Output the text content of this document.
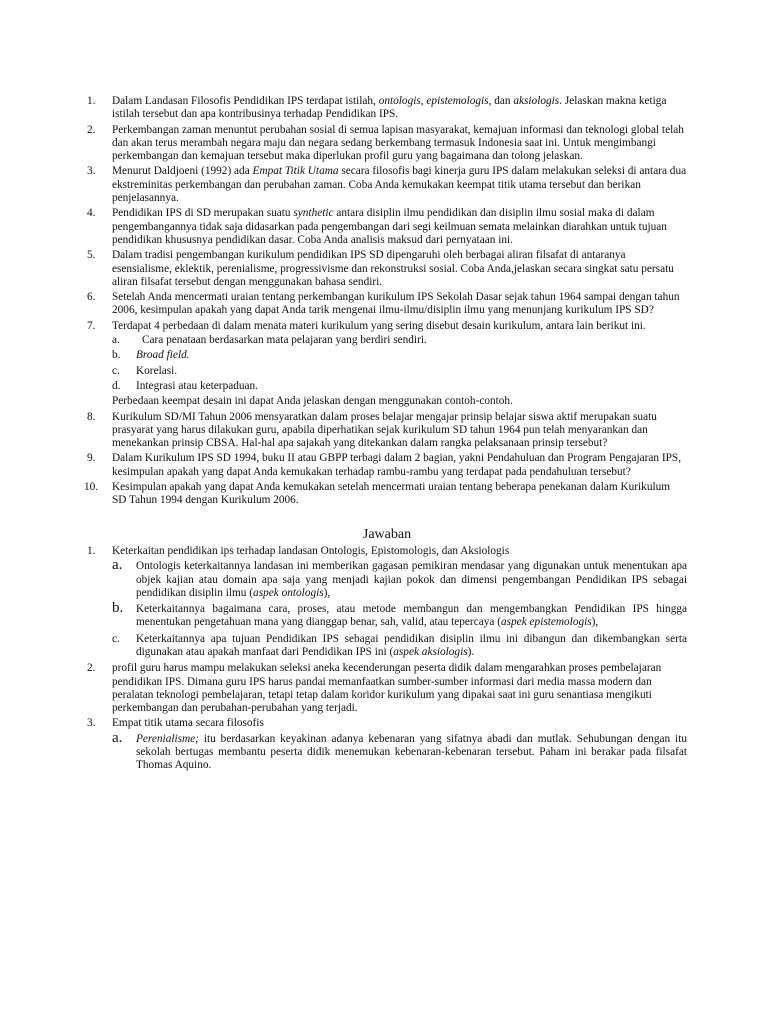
1. Dalam Landasan Filosofis Pendidikan IPS terdapat istilah, ontologis, epistemologis, dan aksiologis. Jelaskan makna ketiga istilah tersebut dan apa kontribusinya terhadap Pendidikan IPS.
2. Perkembangan zaman menuntut perubahan sosial di semua lapisan masyarakat, kemajuan informasi dan teknologi global telah dan akan terus merambah negara maju dan negara sedang berkembang termasuk Indonesia saat ini. Untuk mengimbangi perkembangan dan kemajuan tersebut maka diperlukan profil guru yang bagaimana dan tolong jelaskan.
3. Menurut Daldjoeni (1992) ada Empat Titik Utama secara filosofis bagi kinerja guru IPS dalam melakukan seleksi di antara dua ekstreminitas perkembangan dan perubahan zaman. Coba Anda kemukakan keempat titik utama tersebut dan berikan penjelasannya.
4. Pendidikan IPS di SD merupakan suatu synthetic antara disiplin ilmu pendidikan dan disiplin ilmu sosial maka di dalam pengembangannya tidak saja didasarkan pada pengembangan dari segi keilmuan semata melainkan diarahkan untuk tujuan pendidikan khususnya pendidikan dasar. Coba Anda analisis maksud dari pernyataan ini.
5. Dalam tradisi pengembangan kurikulum pendidikan IPS SD dipengaruhi oleh berbagai aliran filsafat di antaranya esensialisme, eklektik, perenialisme, progressivisme dan rekonstruksi sosial. Coba Anda,jelaskan secara singkat satu persatu aliran filsafat tersebut dengan menggunakan bahasa sendiri.
6. Setelah Anda mencermati uraian tentang perkembangan kurikulum IPS Sekolah Dasar sejak tahun 1964 sampai dengan tahun 2006, kesimpulan apakah yang dapat Anda tarik mengenai ilmu-ilmu/disiplin ilmu yang menunjang kurikulum IPS SD?
7. Terdapat 4 perbedaan di dalam menata materi kurikulum yang sering disebut desain kurikulum, antara lain berikut ini.
a. Cara penataan berdasarkan mata pelajaran yang berdiri sendiri.
b. Broad field.
c. Korelasi.
d. Integrasi atau keterpaduan.
Perbedaan keempat desain ini dapat Anda jelaskan dengan menggunakan contoh-contoh.
8. Kurikulum SD/MI Tahun 2006 mensyaratkan dalam proses belajar mengajar prinsip belajar siswa aktif merupakan suatu prasyarat yang harus dilakukan guru, apabila diperhatikan sejak kurikulum SD tahun 1964 pun telah menyarankan dan menekankan prinsip CBSA. Hal-hal apa sajakah yang ditekankan dalam rangka pelaksanaan prinsip tersebut?
9. Dalam Kurikulum IPS SD 1994, buku II atau GBPP terbagi dalam 2 bagian, yakni Pendahuluan dan Program Pengajaran IPS, kesimpulan apakah yang dapat Anda kemukakan terhadap rambu-rambu yang terdapat pada pendahuluan tersebut?
10. Kesimpulan apakah yang dapat Anda kemukakan setelah mencermati uraian tentang beberapa penekanan dalam Kurikulum SD Tahun 1994 dengan Kurikulum 2006.
Jawaban
1. Keterkaitan pendidikan ips terhadap landasan Ontologis, Epistomologis, dan Aksiologis
a. Ontologis keterkaitannya landasan ini memberikan gagasan pemikiran mendasar yang digunakan untuk menentukan apa objek kajian atau domain apa saja yang menjadi kajian pokok dan dimensi pengembangan Pendidikan IPS sebagai pendidikan disiplin ilmu (aspek ontologis),
b. Keterkaitannya bagaimana cara, proses, atau metode membangun dan mengembangkan Pendidikan IPS hingga menentukan pengetahuan mana yang dianggap benar, sah, valid, atau tepercaya (aspek epistemologis),
c. Keterkaitannya apa tujuan Pendidikan IPS sebagai pendidikan disiplin ilmu ini dibangun dan dikembangkan serta digunakan atau apakah manfaat dari Pendidikan IPS ini (aspek aksiologis).
2. profil guru harus mampu melakukan seleksi aneka kecenderungan peserta didik dalam mengarahkan proses pembelajaran pendidikan IPS. Dimana guru IPS harus pandai memanfaatkan sumber-sumber informasi dari media massa modern dan peralatan teknologi pembelajaran, tetapi tetap dalam koridor kurikulum yang dipakai saat ini guru senantiasa mengikuti perkembangan dan perubahan-perubahan yang terjadi.
3. Empat titik utama secara filosofis
a. Perenialisme; itu berdasarkan keyakinan adanya kebenaran yang sifatnya abadi dan mutlak. Sehubungan dengan itu sekolah bertugas membantu peserta didik menemukan kebenaran-kebenaran tersebut. Paham ini berakar pada filsafat Thomas Aquino.
